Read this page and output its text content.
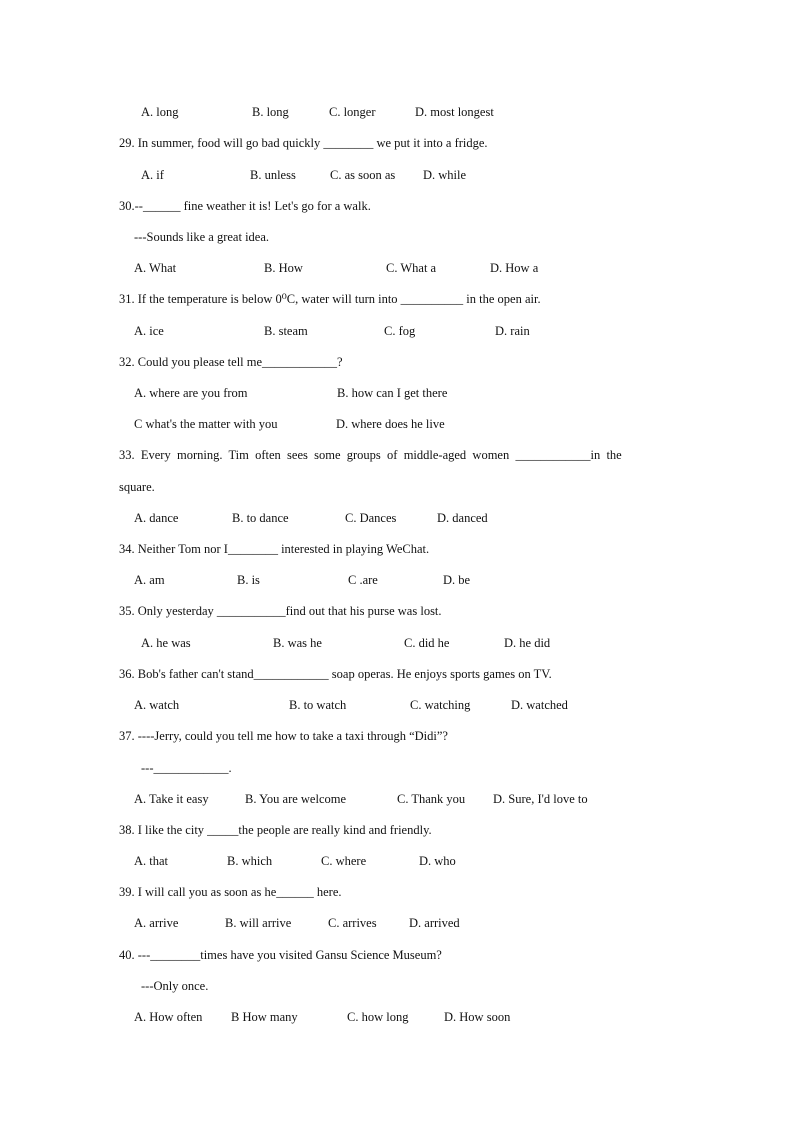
A. long	B. long	C. longer	D. most longest
29. In summer, food will go bad quickly ________ we put it into a fridge.
A. if	B. unless	C. as soon as D. while
30.--______ fine weather it is! Let's go for a walk.
---Sounds like a great idea.
A. What	B. How	C. What a	D. How a
31. If the temperature is below 0⁰C, water will turn into __________ in the open air.
A. ice	B. steam	C. fog	D. rain
32. Could you please tell me____________?
A. where are you from	B. how can I get there
C what's the matter with you	D. where does he live
33.  Every  morning.  Tim  often  sees  some  groups  of  middle-aged  women  ____________in  the
square.
A. dance	B. to dance	C. Dances	D. danced
34. Neither Tom nor I________ interested in playing WeChat.
A. am	B. is	C .are	D. be
35. Only yesterday ___________find out that his purse was lost.
A. he was	B. was he	C. did he	D. he did
36. Bob's father can't stand____________ soap operas. He enjoys sports games on TV.
A. watch	B. to watch	C. watching	D. watched
37. ----Jerry, could you tell me how to take a taxi through “Didi”?
---____________.
A. Take it easy	B. You are welcome	C. Thank you D. Sure, I'd love to
38. I like the city _____the people are really kind and friendly.
A. that	B. which	C. where	D. who
39. I will call you as soon as he______ here.
A. arrive	B. will arrive	C. arrives	D. arrived
40. ---________times have you visited Gansu Science Museum?
---Only once.
A. How often B How many	C. how long	D. How soon
